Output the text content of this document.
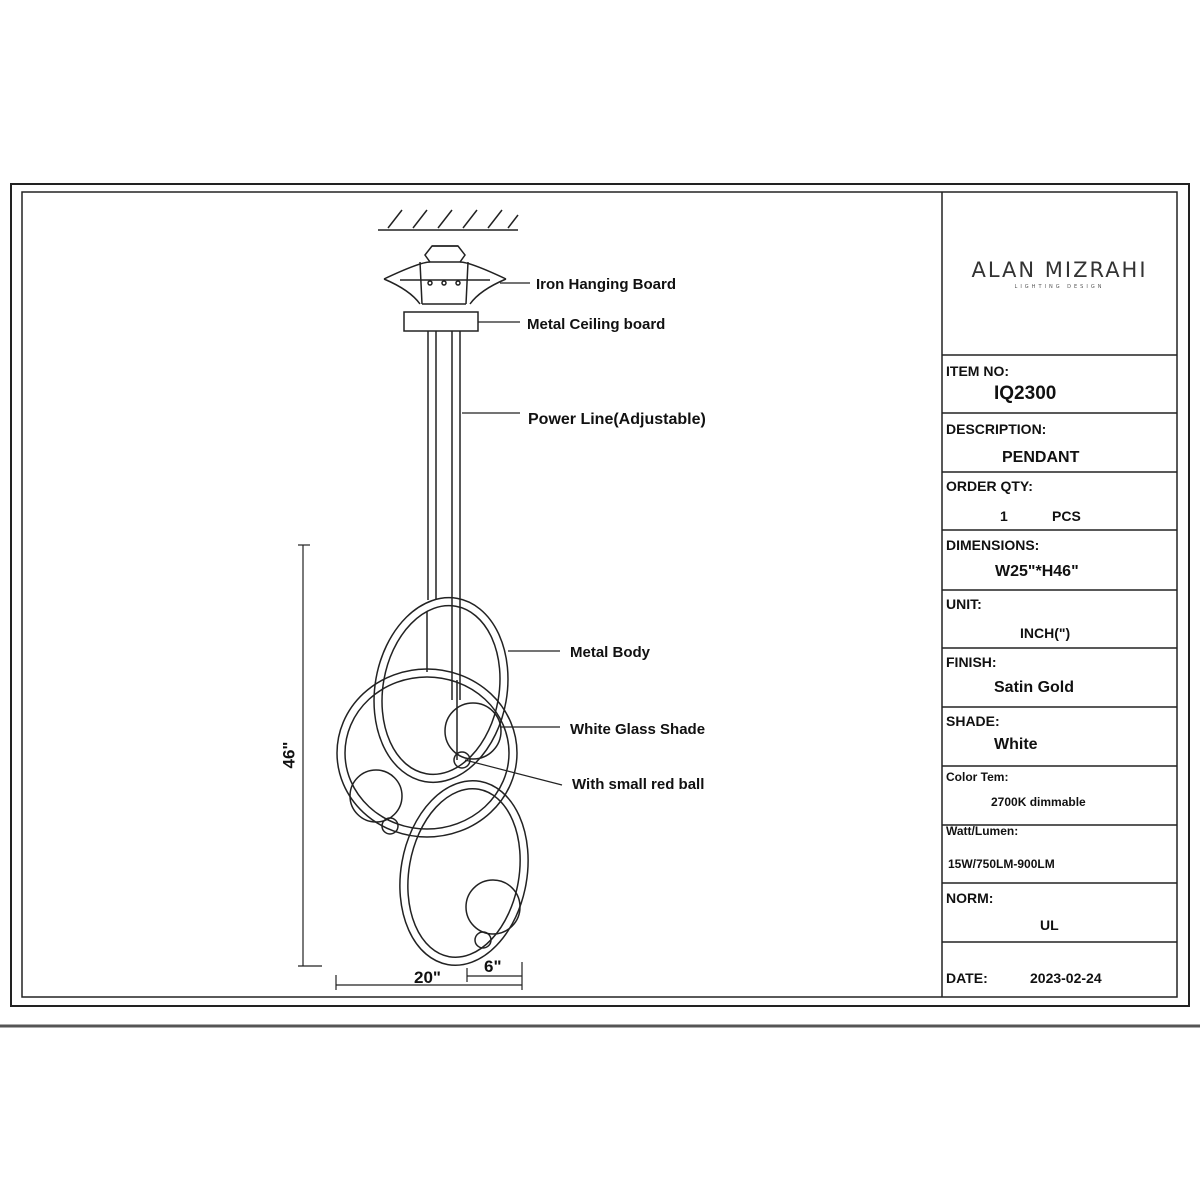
Iron Hanging Board
Metal Ceiling board
Power Line(Adjustable)
Metal Body
White Glass Shade
With small red ball
46"
20"
6"
ALAN MIZRAHI
LIGHTING DESIGN
ITEM NO:
IQ2300
DESCRIPTION:
PENDANT
ORDER QTY:
1	PCS
DIMENSIONS:
W25"*H46"
UNIT:
INCH(")
FINISH:
Satin Gold
SHADE:
White
Color Tem:
2700K dimmable
Watt/Lumen:
15W/750LM-900LM
NORM:
UL
DATE:	2023-02-24
